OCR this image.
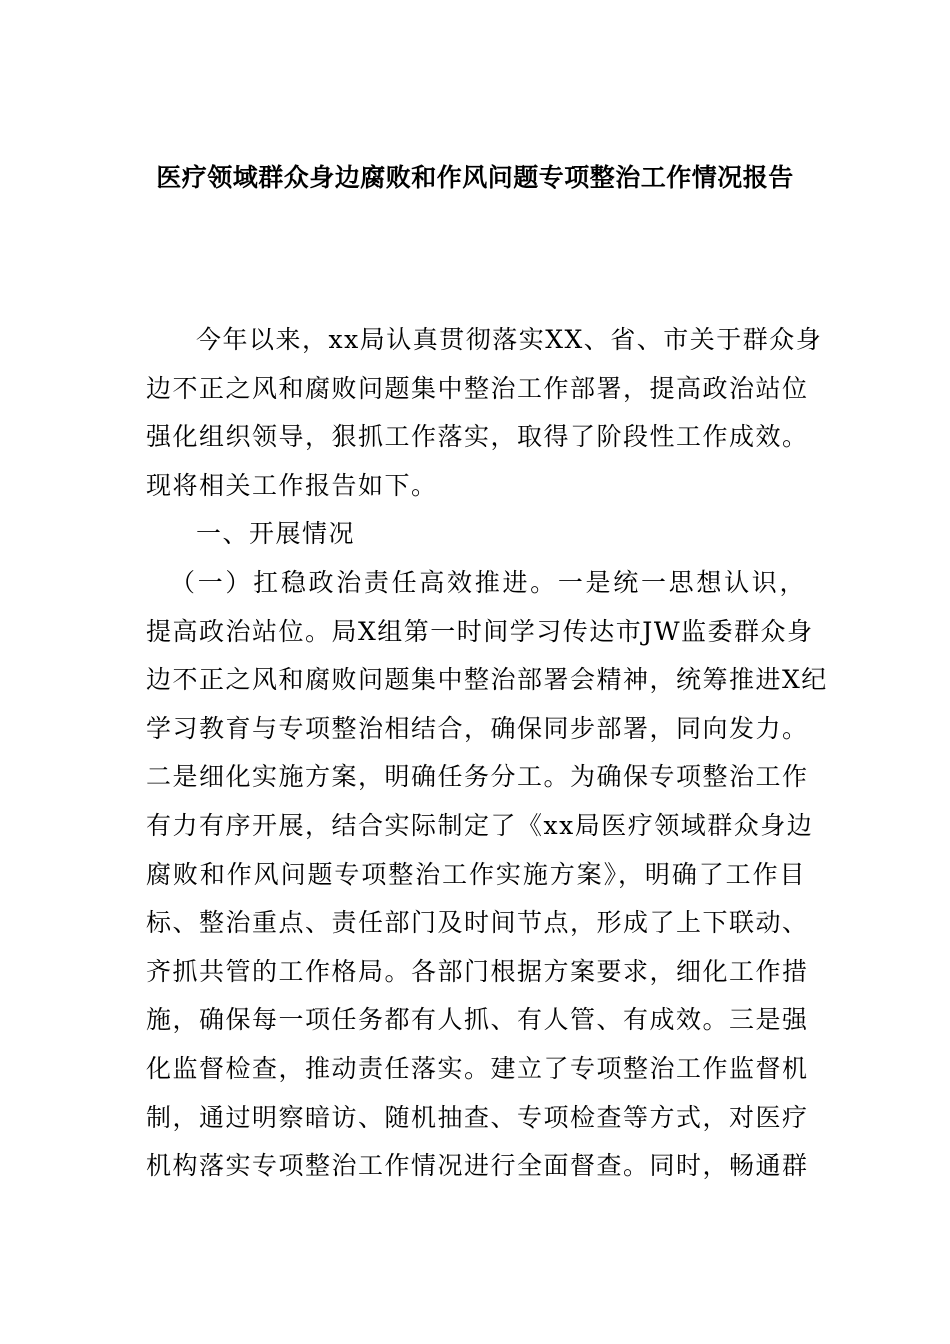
医疗领域群众身边腐败和作风问题专项整治工作情况报告
今年以来，xx局认真贯彻落实XX、省、市关于群众身
边不正之风和腐败问题集中整治工作部署，提高政治站位
强化组织领导，狠抓工作落实，取得了阶段性工作成效。
现将相关工作报告如下。
一、开展情况
（一）扛稳政治责任高效推进。一是统一思想认识，
提高政治站位。局X组第一时间学习传达市JW监委群众身
边不正之风和腐败问题集中整治部署会精神，统筹推进X纪
学习教育与专项整治相结合，确保同步部署，同向发力。
二是细化实施方案，明确任务分工。为确保专项整治工作
有力有序开展，结合实际制定了《xx局医疗领域群众身边
腐败和作风问题专项整治工作实施方案》，明确了工作目
标、整治重点、责任部门及时间节点，形成了上下联动、
齐抓共管的工作格局。各部门根据方案要求，细化工作措
施，确保每一项任务都有人抓、有人管、有成效。三是强
化监督检查，推动责任落实。建立了专项整治工作监督机
制，通过明察暗访、随机抽查、专项检查等方式，对医疗
机构落实专项整治工作情况进行全面督查。同时，畅通群
